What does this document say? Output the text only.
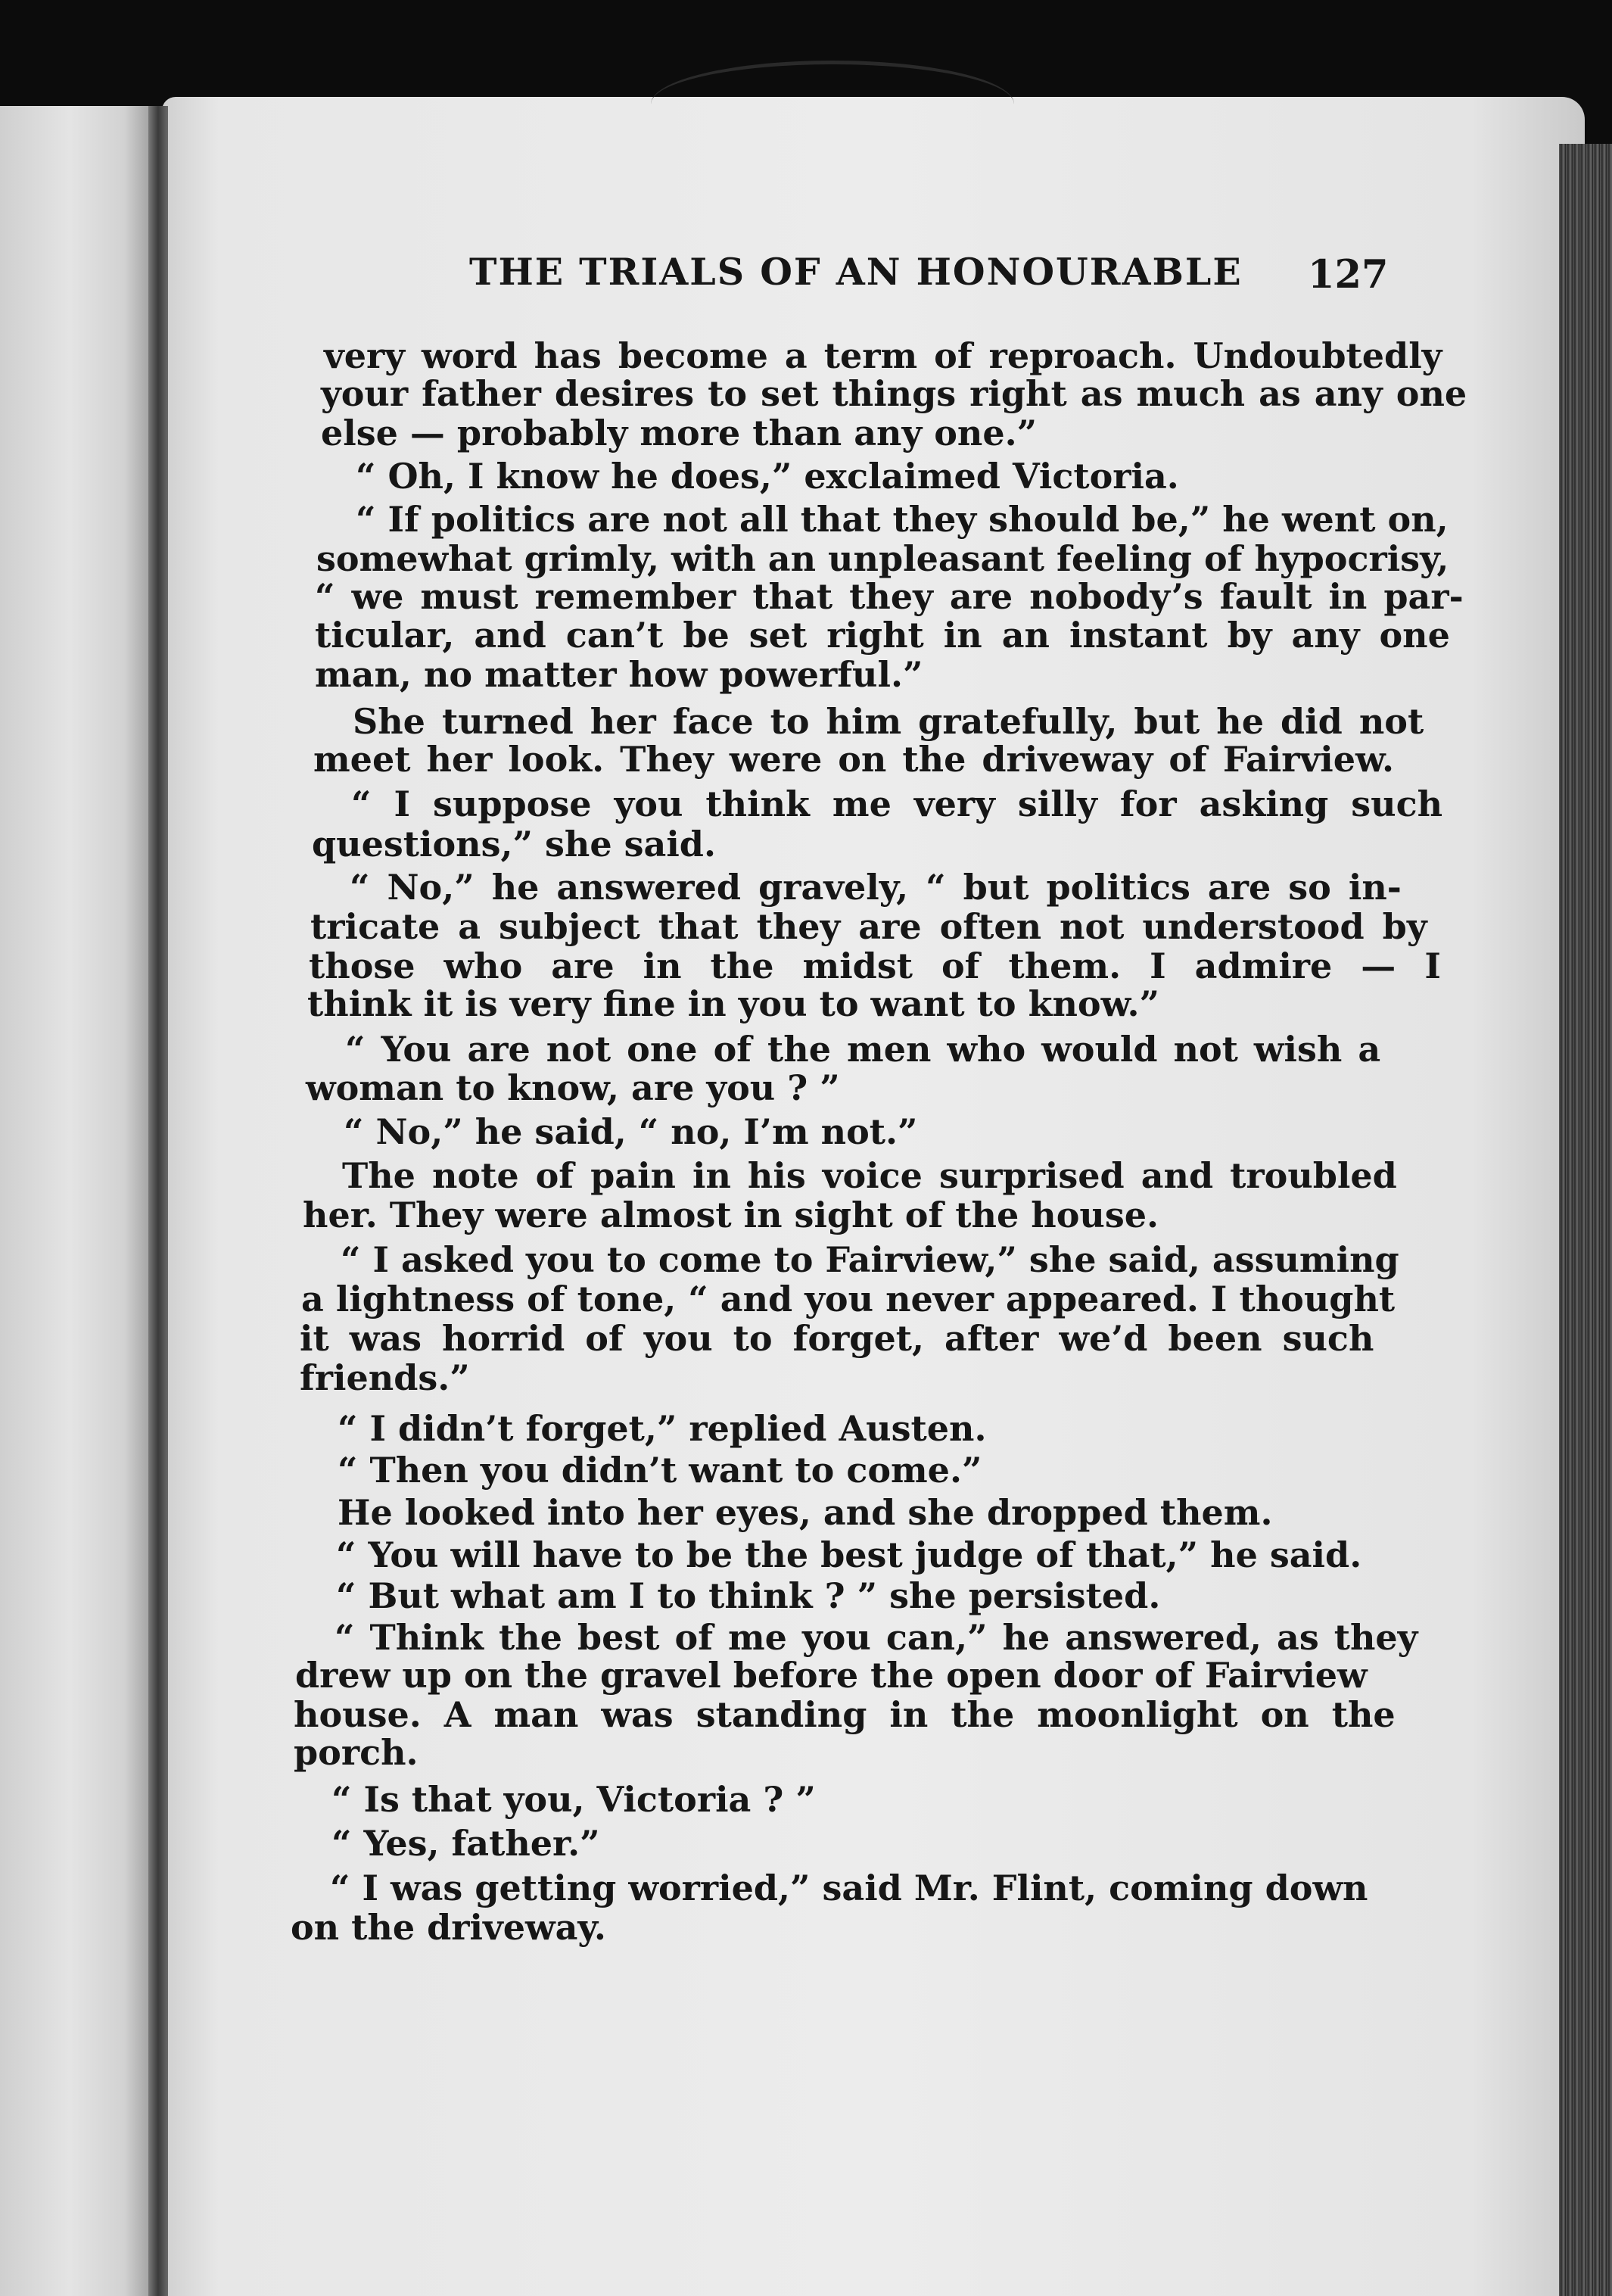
THE TRIALS OF AN HONOURABLE 127
very word has become a term of reproach. Undoubtedly
your father desires to set things right as much as any one
else — probably more than any one.”
“ Oh, I know he does,” exclaimed Victoria.
“ If politics are not all that they should be,” he went on,
somewhat grimly, with an unpleasant feeling of hypocrisy,
“ we must remember that they are nobody’s fault in par-
ticular, and can’t be set right in an instant by any one
man, no matter how powerful.”
She turned her face to him gratefully, but he did not
meet her look. They were on the driveway of Fairview.
“ I suppose you think me very silly for asking such
questions,” she said.
“ No,” he answered gravely, “ but politics are so in-
tricate a subject that they are often not understood by
those who are in the midst of them. I admire — I
think it is very fine in you to want to know.”
“ You are not one of the men who would not wish a
woman to know, are you ? ”
“ No,” he said, “ no, I’m not.”
The note of pain in his voice surprised and troubled
her. They were almost in sight of the house.
“ I asked you to come to Fairview,” she said, assuming
a lightness of tone, “ and you never appeared. I thought
it was horrid of you to forget, after we’d been such
friends.”
“ I didn’t forget,” replied Austen.
“ Then you didn’t want to come.”
He looked into her eyes, and she dropped them.
“ You will have to be the best judge of that,” he said.
“ But what am I to think ? ” she persisted.
“ Think the best of me you can,” he answered, as they
drew up on the gravel before the open door of Fairview
house. A man was standing in the moonlight on the
porch.
“ Is that you, Victoria ? ”
“ Yes, father.”
“ I was getting worried,” said Mr. Flint, coming down
on the driveway.
